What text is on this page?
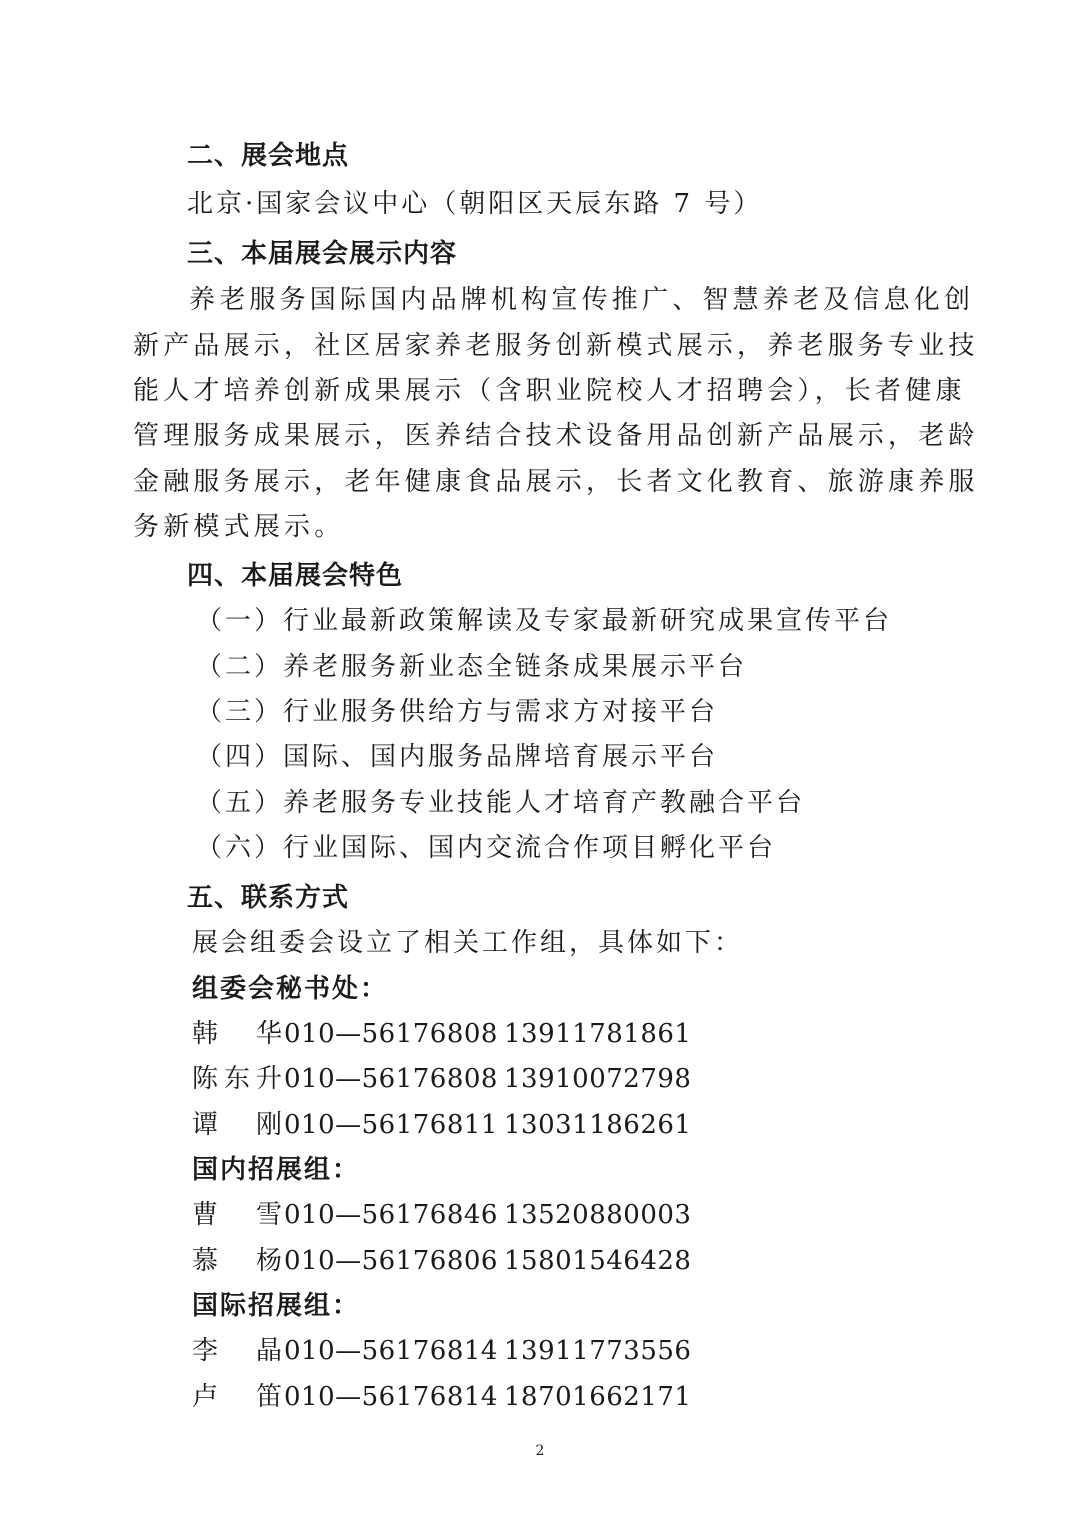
二、展会地点
北京·国家会议中心（朝阳区天辰东路 7 号）
三、本届展会展示内容
养老服务国际国内品牌机构宣传推广、智慧养老及信息化创
新产品展示，社区居家养老服务创新模式展示，养老服务专业技
能人才培养创新成果展示（含职业院校人才招聘会），长者健康
管理服务成果展示，医养结合技术设备用品创新产品展示，老龄
金融服务展示，老年健康食品展示，长者文化教育、旅游康养服
务新模式展示。
四、本届展会特色
（一）行业最新政策解读及专家最新研究成果宣传平台
（二）养老服务新业态全链条成果展示平台
（三）行业服务供给方与需求方对接平台
（四）国际、国内服务品牌培育展示平台
（五）养老服务专业技能人才培育产教融合平台
（六）行业国际、国内交流合作项目孵化平台
五、联系方式
展会组委会设立了相关工作组，具体如下：
组委会秘书处：
韩 华 010—56176808 13911781861
陈 东 升 010—56176808 13910072798
谭 刚 010—56176811 13031186261
国内招展组：
曹 雪 010—56176846 13520880003
慕 杨 010—56176806 15801546428
国际招展组：
李 晶 010—56176814 13911773556
卢 笛 010—56176814 18701662171
2
